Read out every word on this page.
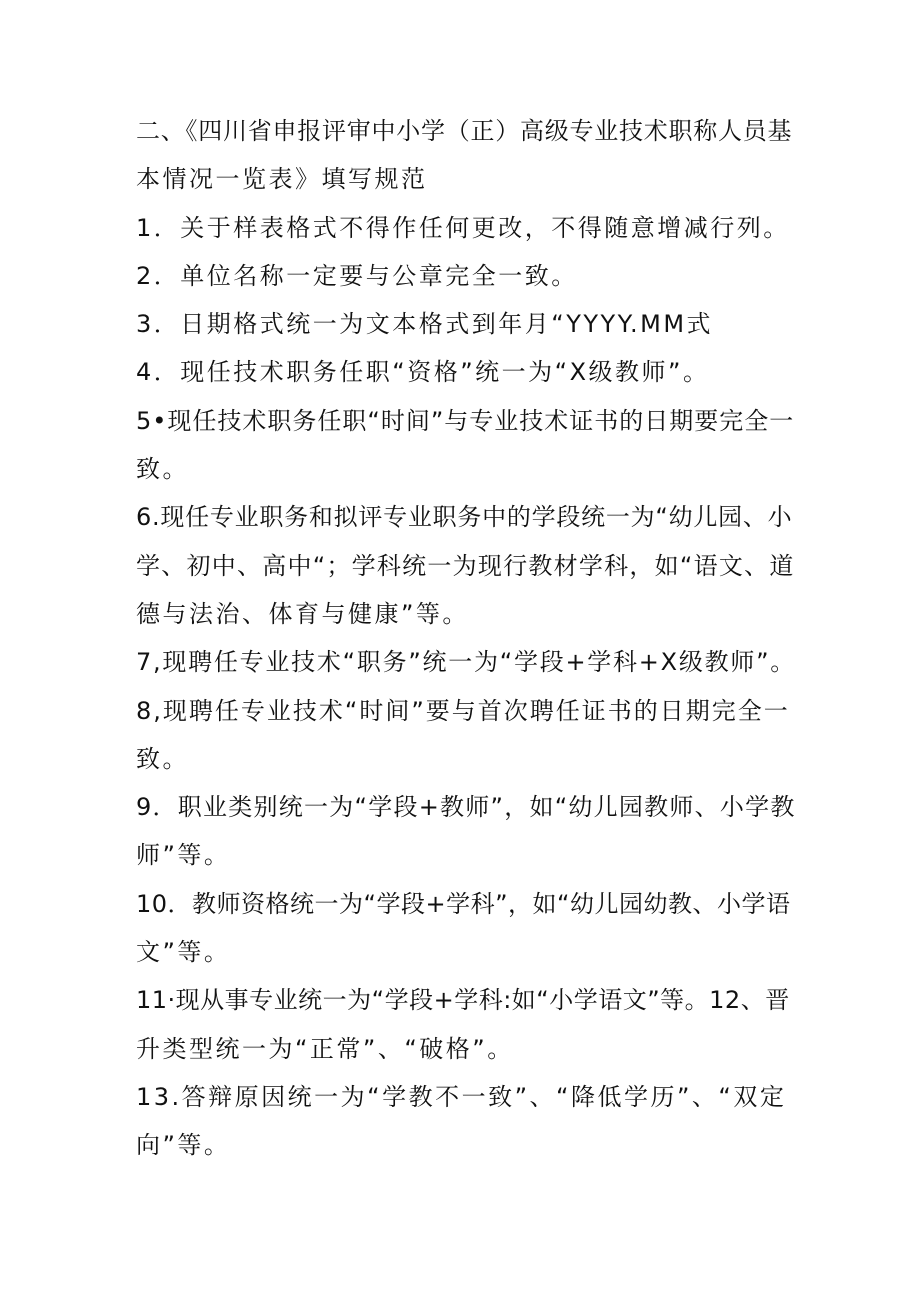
二、《四川省申报评审中小学（正）高级专业技术职称人员基

本情况一览表》填写规范

1．关于样表格式不得作任何更改，不得随意增减行列。

2．单位名称一定要与公章完全一致。

3．日期格式统一为文本格式到年月“YYYY.MM式

4．现任技术职务任职“资格”统一为“X级教师”。

5•现任技术职务任职“时间”与专业技术证书的日期要完全一

致。

6.现任专业职务和拟评专业职务中的学段统一为“幼儿园、小

学、初中、高中“；学科统一为现行教材学科，如“语文、道

德与法治、体育与健康”等。

7,现聘任专业技术“职务”统一为“学段+学科+X级教师”。

8,现聘任专业技术“时间”要与首次聘任证书的日期完全一

致。

9．职业类别统一为“学段+教师”，如“幼儿园教师、小学教

师”等。

10．教师资格统一为“学段+学科”，如“幼儿园幼教、小学语

文”等。

11·现从事专业统一为“学段+学科:如“小学语文”等。12、晋

升类型统一为“正常”、“破格”。

13.答辩原因统一为“学教不一致”、“降低学历”、“双定

向”等。
